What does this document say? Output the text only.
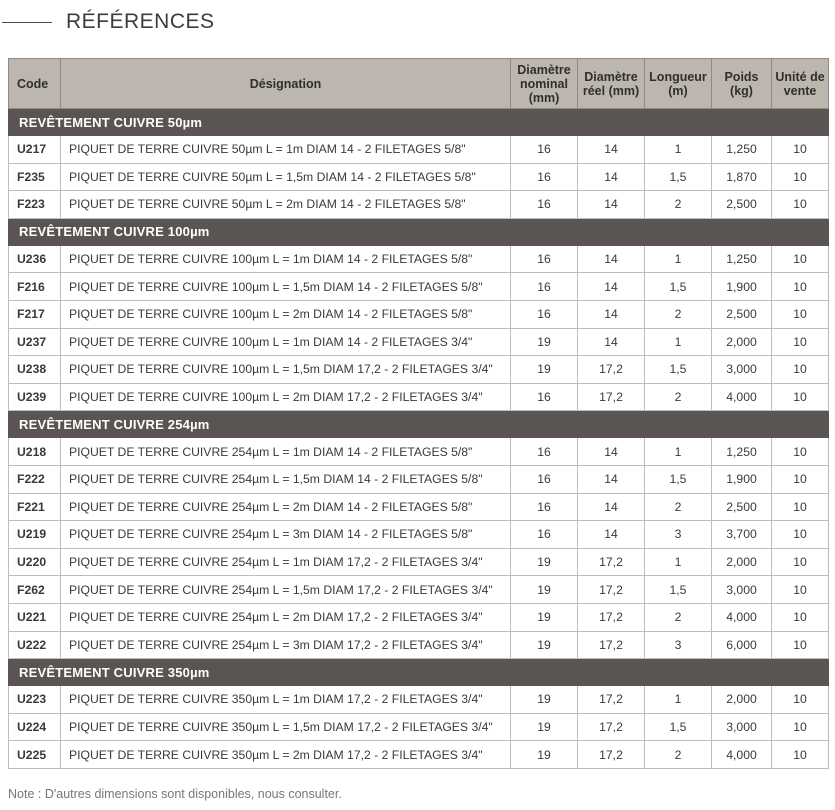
RÉFÉRENCES
Code	Désignation	Diamètre nominal (mm)	Diamètre réel (mm)	Longueur (m)	Poids (kg)	Unité de vente
REVÊTEMENT CUIVRE 50µm						
U217	PIQUET DE TERRE CUIVRE 50µm L = 1m DIAM 14 - 2 FILETAGES 5/8"	16	14	1	1,250	10
F235	PIQUET DE TERRE CUIVRE 50µm L = 1,5m DIAM 14 - 2 FILETAGES 5/8"	16	14	1,5	1,870	10
F223	PIQUET DE TERRE CUIVRE 50µm L = 2m DIAM 14 - 2 FILETAGES 5/8"	16	14	2	2,500	10
REVÊTEMENT CUIVRE 100µm						
U236	PIQUET DE TERRE CUIVRE 100µm L = 1m DIAM 14 - 2 FILETAGES 5/8"	16	14	1	1,250	10
F216	PIQUET DE TERRE CUIVRE 100µm L = 1,5m DIAM 14 - 2 FILETAGES 5/8"	16	14	1,5	1,900	10
F217	PIQUET DE TERRE CUIVRE 100µm L = 2m DIAM 14 - 2 FILETAGES 5/8"	16	14	2	2,500	10
U237	PIQUET DE TERRE CUIVRE 100µm L = 1m DIAM 14 - 2 FILETAGES 3/4"	19	14	1	2,000	10
U238	PIQUET DE TERRE CUIVRE 100µm L = 1,5m DIAM 17,2 - 2 FILETAGES 3/4"	19	17,2	1,5	3,000	10
U239	PIQUET DE TERRE CUIVRE 100µm L = 2m DIAM 17,2 - 2 FILETAGES 3/4"	16	17,2	2	4,000	10
REVÊTEMENT CUIVRE 254µm						
U218	PIQUET DE TERRE CUIVRE 254µm L = 1m DIAM 14 - 2 FILETAGES 5/8"	16	14	1	1,250	10
F222	PIQUET DE TERRE CUIVRE 254µm L = 1,5m DIAM 14 - 2 FILETAGES 5/8"	16	14	1,5	1,900	10
F221	PIQUET DE TERRE CUIVRE 254µm L = 2m DIAM 14 - 2 FILETAGES 5/8"	16	14	2	2,500	10
U219	PIQUET DE TERRE CUIVRE 254µm L = 3m DIAM 14 - 2 FILETAGES 5/8"	16	14	3	3,700	10
U220	PIQUET DE TERRE CUIVRE 254µm L = 1m DIAM 17,2 - 2 FILETAGES 3/4"	19	17,2	1	2,000	10
F262	PIQUET DE TERRE CUIVRE 254µm L = 1,5m DIAM 17,2 - 2 FILETAGES 3/4"	19	17,2	1,5	3,000	10
U221	PIQUET DE TERRE CUIVRE 254µm L = 2m DIAM 17,2 - 2 FILETAGES 3/4"	19	17,2	2	4,000	10
U222	PIQUET DE TERRE CUIVRE 254µm L = 3m DIAM 17,2 - 2 FILETAGES 3/4"	19	17,2	3	6,000	10
REVÊTEMENT CUIVRE 350µm						
U223	PIQUET DE TERRE CUIVRE 350µm L = 1m DIAM 17,2 - 2 FILETAGES 3/4"	19	17,2	1	2,000	10
U224	PIQUET DE TERRE CUIVRE 350µm L = 1,5m DIAM 17,2 - 2 FILETAGES 3/4"	19	17,2	1,5	3,000	10
U225	PIQUET DE TERRE CUIVRE 350µm L = 2m DIAM 17,2 - 2 FILETAGES 3/4"	19	17,2	2	4,000	10
Note : D'autres dimensions sont disponibles, nous consulter.
